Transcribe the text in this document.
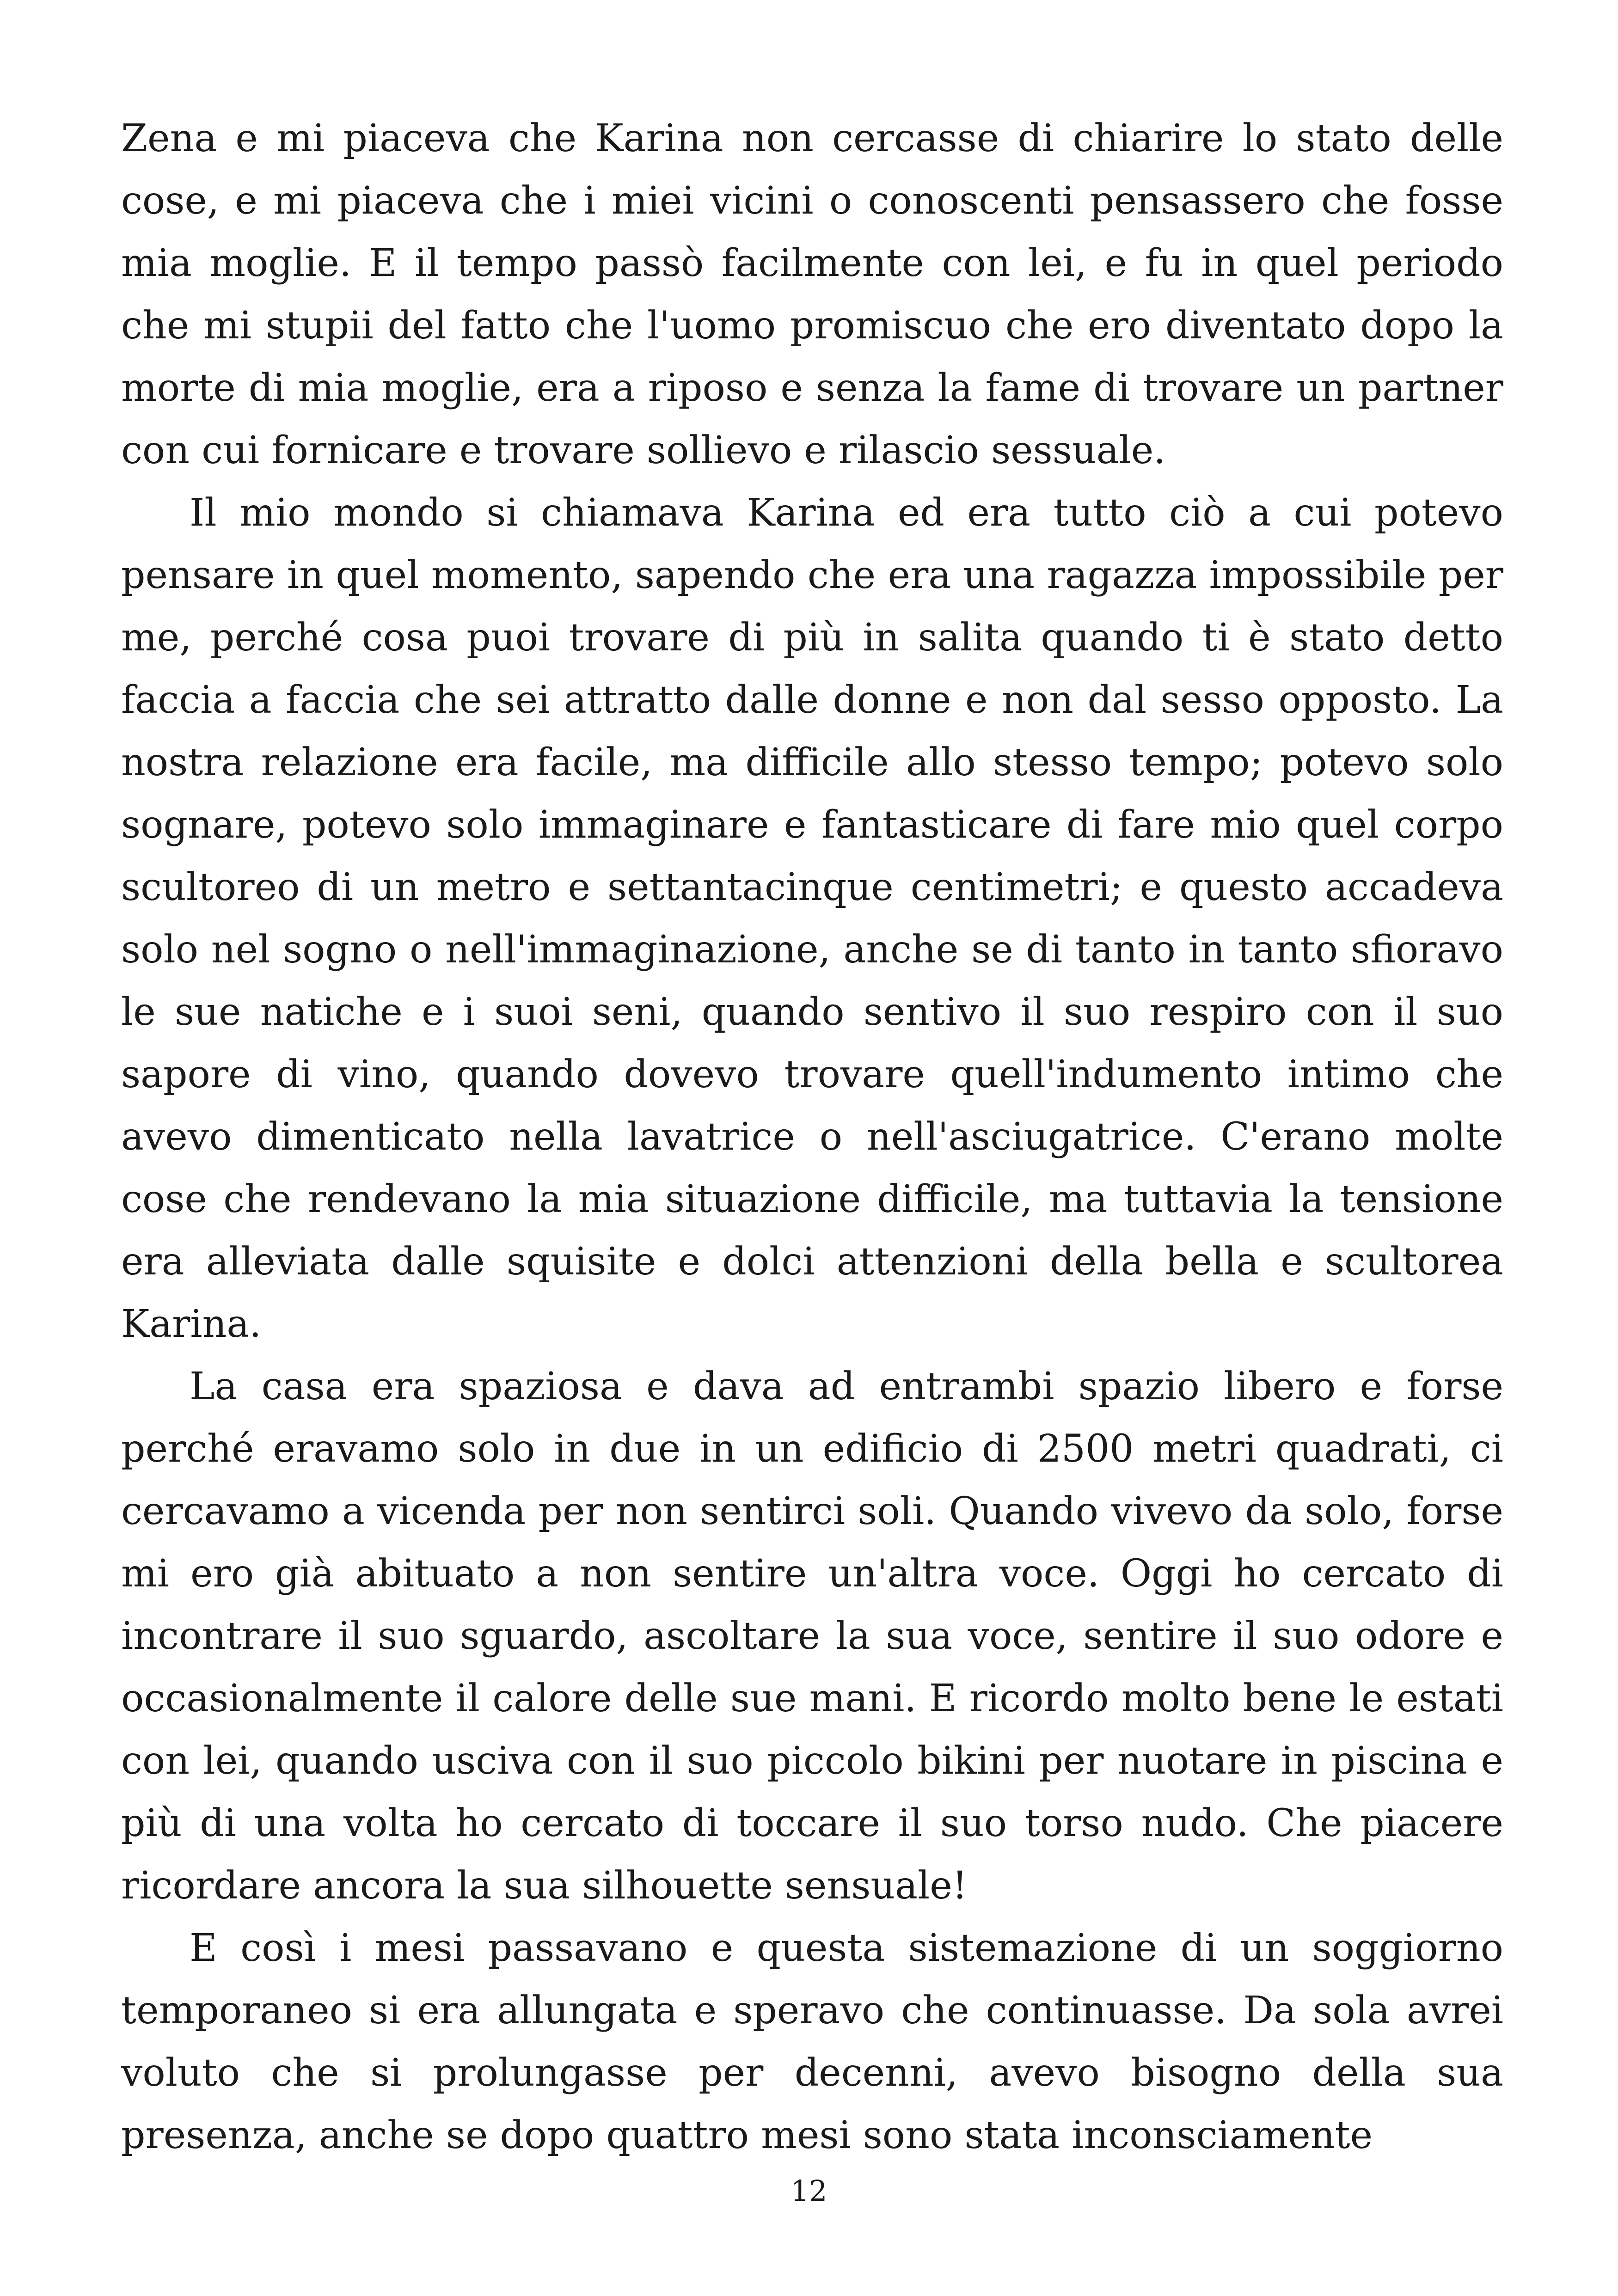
Zena e mi piaceva che Karina non cercasse di chiarire lo stato delle cose, e mi piaceva che i miei vicini o conoscenti pensassero che fosse mia moglie. E il tempo passò facilmente con lei, e fu in quel periodo che mi stupii del fatto che l'uomo promiscuo che ero diventato dopo la morte di mia moglie, era a riposo e senza la fame di trovare un partner con cui fornicare e trovare sollievo e rilascio sessuale.

Il mio mondo si chiamava Karina ed era tutto ciò a cui potevo pensare in quel momento, sapendo che era una ragazza impossibile per me, perché cosa puoi trovare di più in salita quando ti è stato detto faccia a faccia che sei attratto dalle donne e non dal sesso opposto. La nostra relazione era facile, ma difficile allo stesso tempo; potevo solo sognare, potevo solo immaginare e fantasticare di fare mio quel corpo scultoreo di un metro e settantacinque centimetri; e questo accadeva solo nel sogno o nell'immaginazione, anche se di tanto in tanto sfioravo le sue natiche e i suoi seni, quando sentivo il suo respiro con il suo sapore di vino, quando dovevo trovare quell'indumento intimo che avevo dimenticato nella lavatrice o nell'asciugatrice. C'erano molte cose che rendevano la mia situazione difficile, ma tuttavia la tensione era alleviata dalle squisite e dolci attenzioni della bella e scultorea Karina.

La casa era spaziosa e dava ad entrambi spazio libero e forse perché eravamo solo in due in un edificio di 2500 metri quadrati, ci cercavamo a vicenda per non sentirci soli. Quando vivevo da solo, forse mi ero già abituato a non sentire un'altra voce. Oggi ho cercato di incontrare il suo sguardo, ascoltare la sua voce, sentire il suo odore e occasionalmente il calore delle sue mani. E ricordo molto bene le estati con lei, quando usciva con il suo piccolo bikini per nuotare in piscina e più di una volta ho cercato di toccare il suo torso nudo. Che piacere ricordare ancora la sua silhouette sensuale!

E così i mesi passavano e questa sistemazione di un soggiorno temporaneo si era allungata e speravo che continuasse. Da sola avrei voluto che si prolungasse per decenni, avevo bisogno della sua presenza, anche se dopo quattro mesi sono stata inconsciamente

12
